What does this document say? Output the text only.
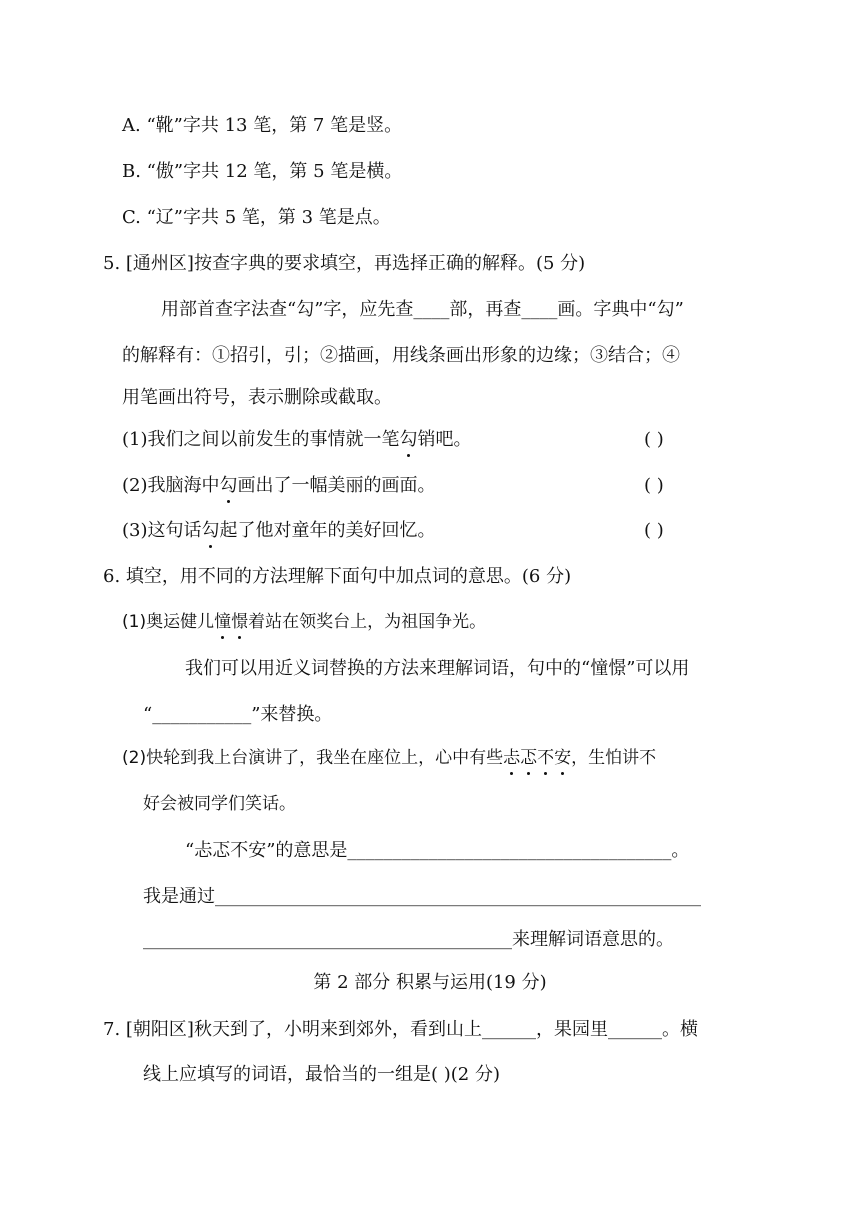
A. “靴”字共 13 笔，第 7 笔是竖。
B. “傲”字共 12 笔，第 5 笔是横。
C. “辽”字共 5 笔，第 3 笔是点。
5. [通州区]按查字典的要求填空，再选择正确的解释。(5 分)
用部首查字法查“勾”字，应先查____部，再查____画。字典中“勾”
的解释有：①招引，引；②描画，用线条画出形象的边缘；③结合；④
用笔画出符号，表示删除或截取。
(1)我们之间以前发生的事情就一笔勾销吧。	( )
(2)我脑海中勾画出了一幅美丽的画面。	( )
(3)这句话勾起了他对童年的美好回忆。	( )
6. 填空，用不同的方法理解下面句中加点词的意思。(6 分)
(1)奥运健儿憧憬着站在领奖台上，为祖国争光。
我们可以用近义词替换的方法来理解词语，句中的“憧憬”可以用
“___________”来替换。
(2)快轮到我上台演讲了，我坐在座位上，心中有些忐忑不安，生怕讲不
好会被同学们笑话。
“忐忑不安”的意思是____________________________________。
我是通过______________________________________________________
_________________________________________来理解词语意思的。
第 2 部分 积累与运用(19 分)
7. [朝阳区]秋天到了，小明来到郊外，看到山上______，果园里______。横
线上应填写的词语，最恰当的一组是( )(2 分)
